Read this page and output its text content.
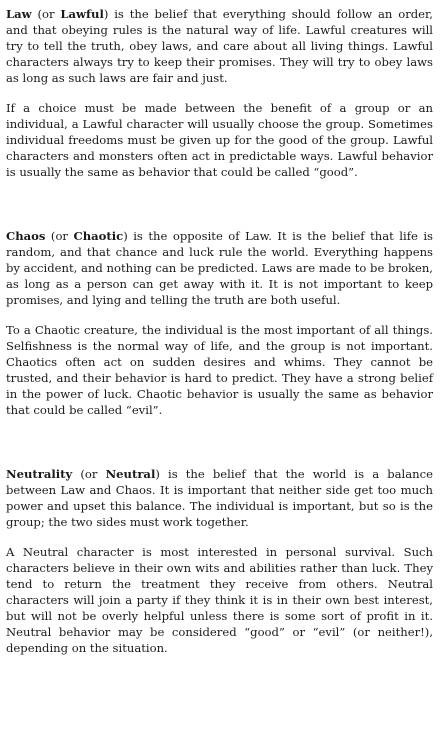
Law (or Lawful) is the belief that everything should follow an order, and that obeying rules is the natural way of life. Lawful creatures will try to tell the truth, obey laws, and care about all living things. Lawful characters always try to keep their promises. They will try to obey laws as long as such laws are fair and just.

If a choice must be made between the benefit of a group or an individual, a Lawful character will usually choose the group. Sometimes individual freedoms must be given up for the good of the group. Lawful characters and monsters often act in predictable ways. Lawful behavior is usually the same as behavior that could be called “good”.

Chaos (or Chaotic) is the opposite of Law. It is the belief that life is random, and that chance and luck rule the world. Everything happens by accident, and nothing can be predicted. Laws are made to be broken, as long as a person can get away with it. It is not important to keep promises, and lying and telling the truth are both useful.

To a Chaotic creature, the individual is the most important of all things. Selfishness is the normal way of life, and the group is not important. Chaotics often act on sudden desires and whims. They cannot be trusted, and their behavior is hard to predict. They have a strong belief in the power of luck. Chaotic behavior is usually the same as behavior that could be called “evil”.

Neutrality (or Neutral) is the belief that the world is a balance between Law and Chaos. It is important that neither side get too much power and upset this balance. The individual is important, but so is the group; the two sides must work together.

A Neutral character is most interested in personal survival. Such characters believe in their own wits and abilities rather than luck. They tend to return the treatment they receive from others. Neutral characters will join a party if they think it is in their own best interest, but will not be overly helpful unless there is some sort of profit in it. Neutral behavior may be considered “good” or “evil” (or neither!), depending on the situation.
